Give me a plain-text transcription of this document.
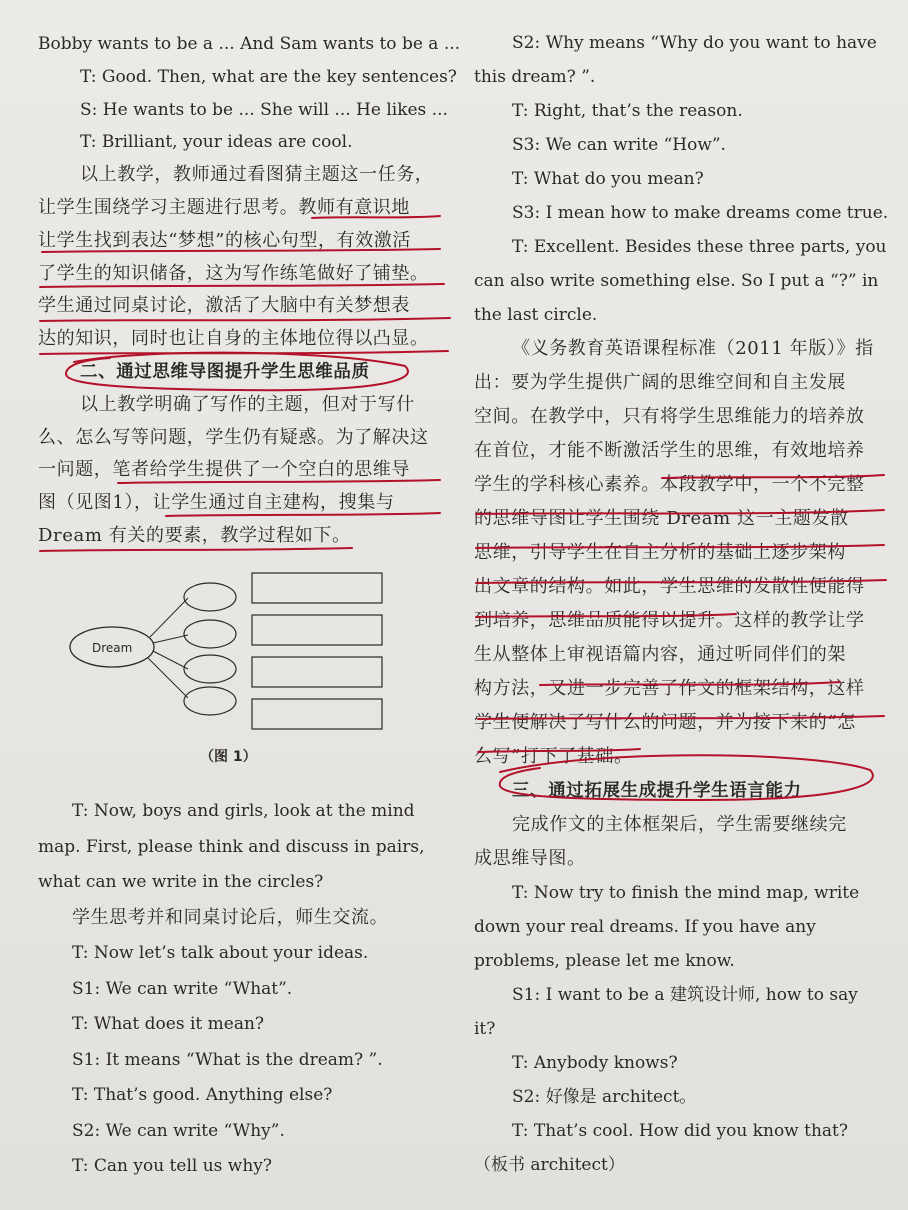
Bobby wants to be a ... And Sam wants to be a ...
T: Good. Then, what are the key sentences?
S: He wants to be ... She will ... He likes ...
T: Brilliant, your ideas are cool.
以上教学，教师通过看图猜主题这一任务，
让学生围绕学习主题进行思考。教师有意识地
让学生找到表达“梦想”的核心句型，有效激活
了学生的知识储备，这为写作练笔做好了铺垫。
学生通过同桌讨论，激活了大脑中有关梦想表
达的知识，同时也让自身的主体地位得以凸显。
二、通过思维导图提升学生思维品质
以上教学明确了写作的主题，但对于写什
么、怎么写等问题，学生仍有疑惑。为了解决这
一问题，笔者给学生提供了一个空白的思维导
图（见图1），让学生通过自主建构，搜集与
Dream 有关的要素，教学过程如下。
T: Now, boys and girls, look at the mind
map. First, please think and discuss in pairs,
what can we write in the circles?
学生思考并和同桌讨论后，师生交流。
T: Now let’s talk about your ideas.
S1: We can write “What”.
T: What does it mean?
S1: It means “What is the dream? ”.
T: That’s good. Anything else?
S2: We can write “Why”.
T: Can you tell us why?
Dream
（图 1）
S2: Why means “Why do you want to have
this dream? ”.
T: Right, that’s the reason.
S3: We can write “How”.
T: What do you mean?
S3: I mean how to make dreams come true.
T: Excellent. Besides these three parts, you
can also write something else. So I put a “?” in
the last circle.
《义务教育英语课程标准（2011 年版）》指
出：要为学生提供广阔的思维空间和自主发展
空间。在教学中，只有将学生思维能力的培养放
在首位，才能不断激活学生的思维，有效地培养
学生的学科核心素养。本段教学中，一个不完整
的思维导图让学生围绕 Dream 这一主题发散
思维，引导学生在自主分析的基础上逐步架构
出文章的结构。如此，学生思维的发散性便能得
到培养，思维品质能得以提升。这样的教学让学
生从整体上审视语篇内容，通过听同伴们的架
构方法，又进一步完善了作文的框架结构，这样
学生便解决了写什么的问题，并为接下来的“怎
么写”打下了基础。
三、通过拓展生成提升学生语言能力
完成作文的主体框架后，学生需要继续完
成思维导图。
T: Now try to finish the mind map, write
down your real dreams. If you have any
problems, please let me know.
S1: I want to be a 建筑设计师, how to say
it?
T: Anybody knows?
S2: 好像是 architect。
T: That’s cool. How did you know that?
（板书 architect）
